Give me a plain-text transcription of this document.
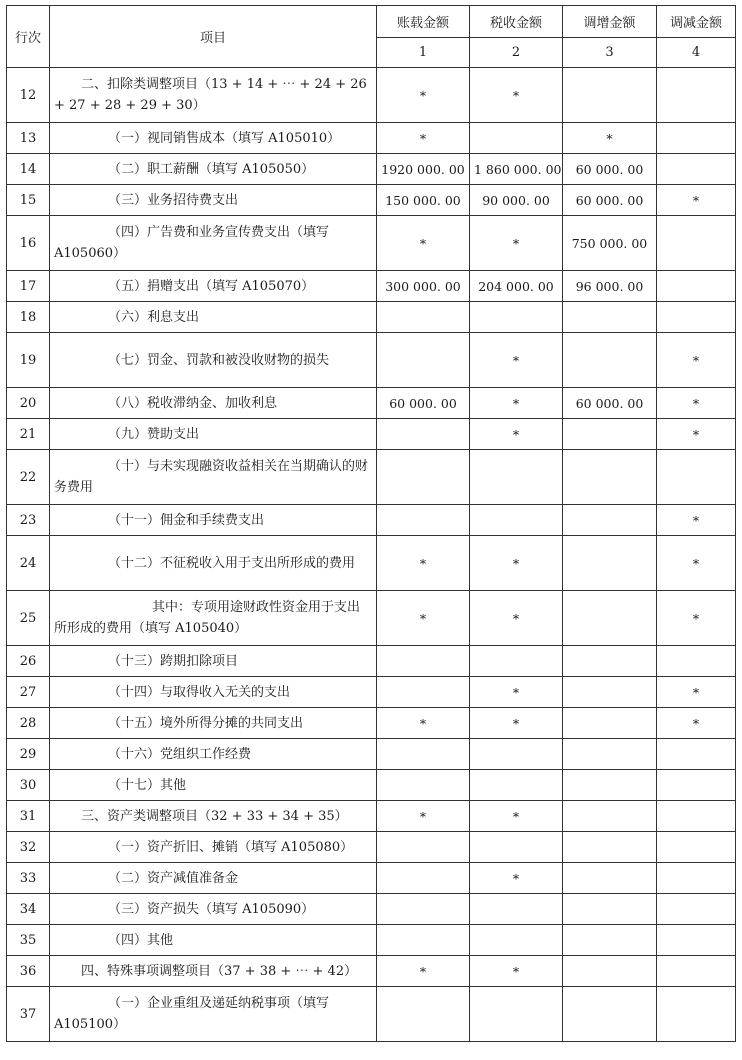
行次	项目	账载金额	税收金额	调增金额	调减金额
		1	2	3	4
12	二、扣除类调整项目（13 + 14 + ⋯ + 24 + 26 + 27 + 28 + 29 + 30）	*	*		
13	（一）视同销售成本（填写 A105010）	*		*	
14	（二）职工薪酬（填写 A105050）	1920 000. 00	1 860 000. 00	60 000. 00	
15	（三）业务招待费支出	150 000. 00	90 000. 00	60 000. 00	*
16	（四）广告费和业务宣传费支出（填写 A105060）	*	*	750 000. 00	
17	（五）捐赠支出（填写 A105070）	300 000. 00	204 000. 00	96 000. 00	
18	（六）利息支出				
19	（七）罚金、罚款和被没收财物的损失		*		*
20	（八）税收滞纳金、加收利息	60 000. 00	*	60 000. 00	*
21	（九）赞助支出		*		*
22	（十）与未实现融资收益相关在当期确认的财务费用				
23	（十一）佣金和手续费支出				*
24	（十二）不征税收入用于支出所形成的费用	*	*		*
25	其中：专项用途财政性资金用于支出所形成的费用（填写 A105040）	*	*		*
26	（十三）跨期扣除项目				
27	（十四）与取得收入无关的支出		*		*
28	（十五）境外所得分摊的共同支出	*	*		*
29	（十六）党组织工作经费				
30	（十七）其他				
31	三、资产类调整项目（32 + 33 + 34 + 35）	*	*		
32	（一）资产折旧、摊销（填写 A105080）				
33	（二）资产减值准备金		*		
34	（三）资产损失（填写 A105090）				
35	（四）其他				
36	四、特殊事项调整项目（37 + 38 + ⋯ + 42）	*	*		
37	（一）企业重组及递延纳税事项（填写 A105100）				
